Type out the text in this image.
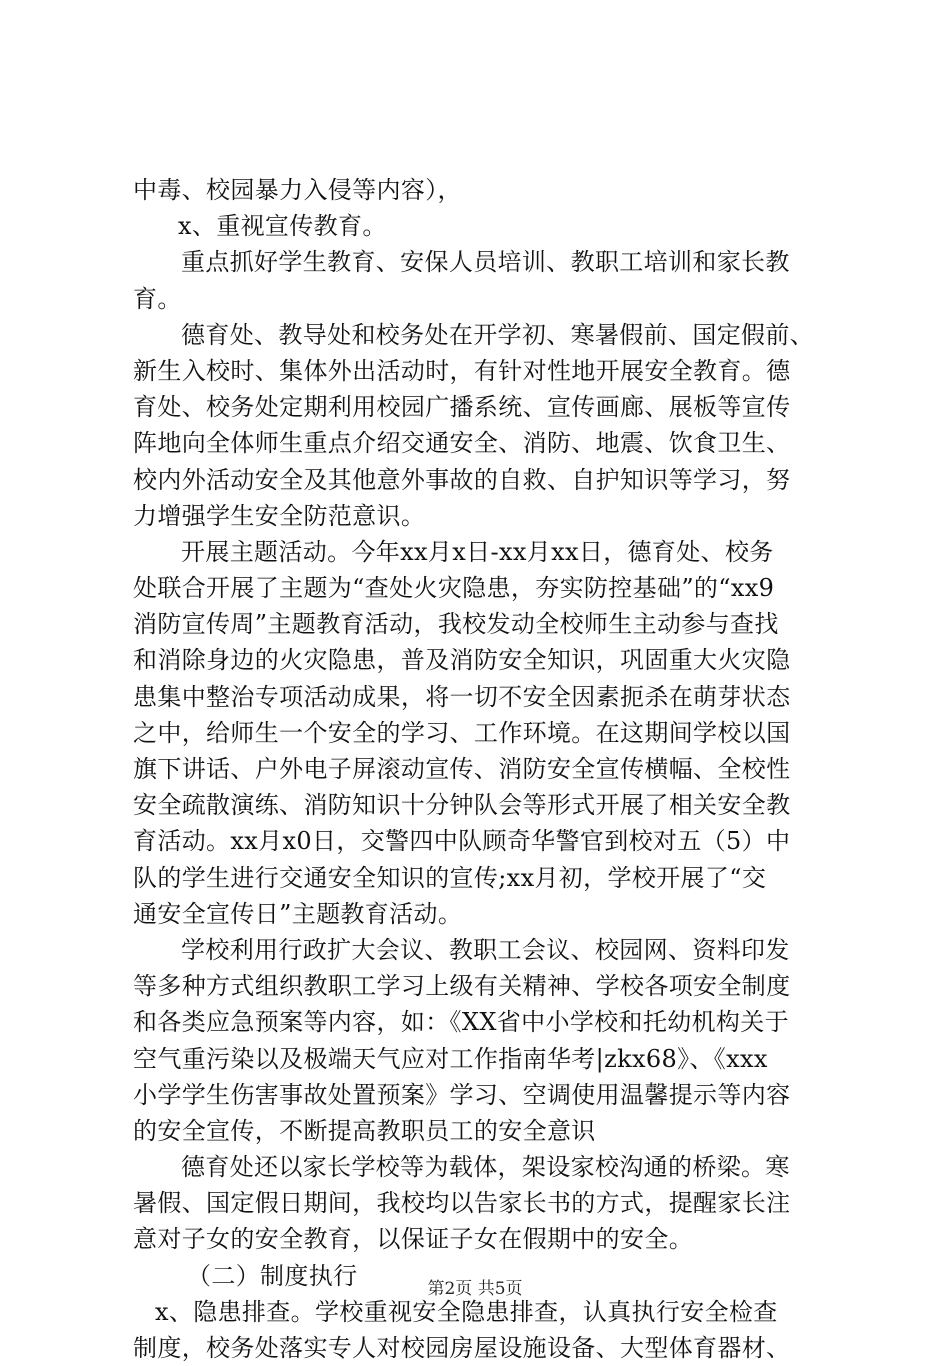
中毒、校园暴力入侵等内容），
x、重视宣传教育。
重点抓好学生教育、安保人员培训、教职工培训和家长教
育。
德育处、教导处和校务处在开学初、寒暑假前、国定假前、
新生入校时、集体外出活动时，有针对性地开展安全教育。德
育处、校务处定期利用校园广播系统、宣传画廊、展板等宣传
阵地向全体师生重点介绍交通安全、消防、地震、饮食卫生、
校内外活动安全及其他意外事故的自救、自护知识等学习，努
力增强学生安全防范意识。
开展主题活动。今年xx月x日-xx月xx日，德育处、校务
处联合开展了主题为“查处火灾隐患，夯实防控基础”的“xx9
消防宣传周”主题教育活动，我校发动全校师生主动参与查找
和消除身边的火灾隐患，普及消防安全知识，巩固重大火灾隐
患集中整治专项活动成果，将一切不安全因素扼杀在萌芽状态
之中，给师生一个安全的学习、工作环境。在这期间学校以国
旗下讲话、户外电子屏滚动宣传、消防安全宣传横幅、全校性
安全疏散演练、消防知识十分钟队会等形式开展了相关安全教
育活动。xx月x0日，交警四中队顾奇华警官到校对五（5）中
队的学生进行交通安全知识的宣传;xx月初，学校开展了“交
通安全宣传日”主题教育活动。
学校利用行政扩大会议、教职工会议、校园网、资料印发
等多种方式组织教职工学习上级有关精神、学校各项安全制度
和各类应急预案等内容，如：《XX省中小学校和托幼机构关于
空气重污染以及极端天气应对工作指南华考|zkx68》、《xxx
小学学生伤害事故处置预案》学习、空调使用温馨提示等内容
的安全宣传，不断提高教职员工的安全意识
德育处还以家长学校等为载体，架设家校沟通的桥梁。寒
暑假、国定假日期间，我校均以告家长书的方式，提醒家长注
意对子女的安全教育，以保证子女在假期中的安全。
（二）制度执行
x、隐患排查。学校重视安全隐患排查，认真执行安全检查
制度，校务处落实专人对校园房屋设施设备、大型体育器材、
第2页 共5页
